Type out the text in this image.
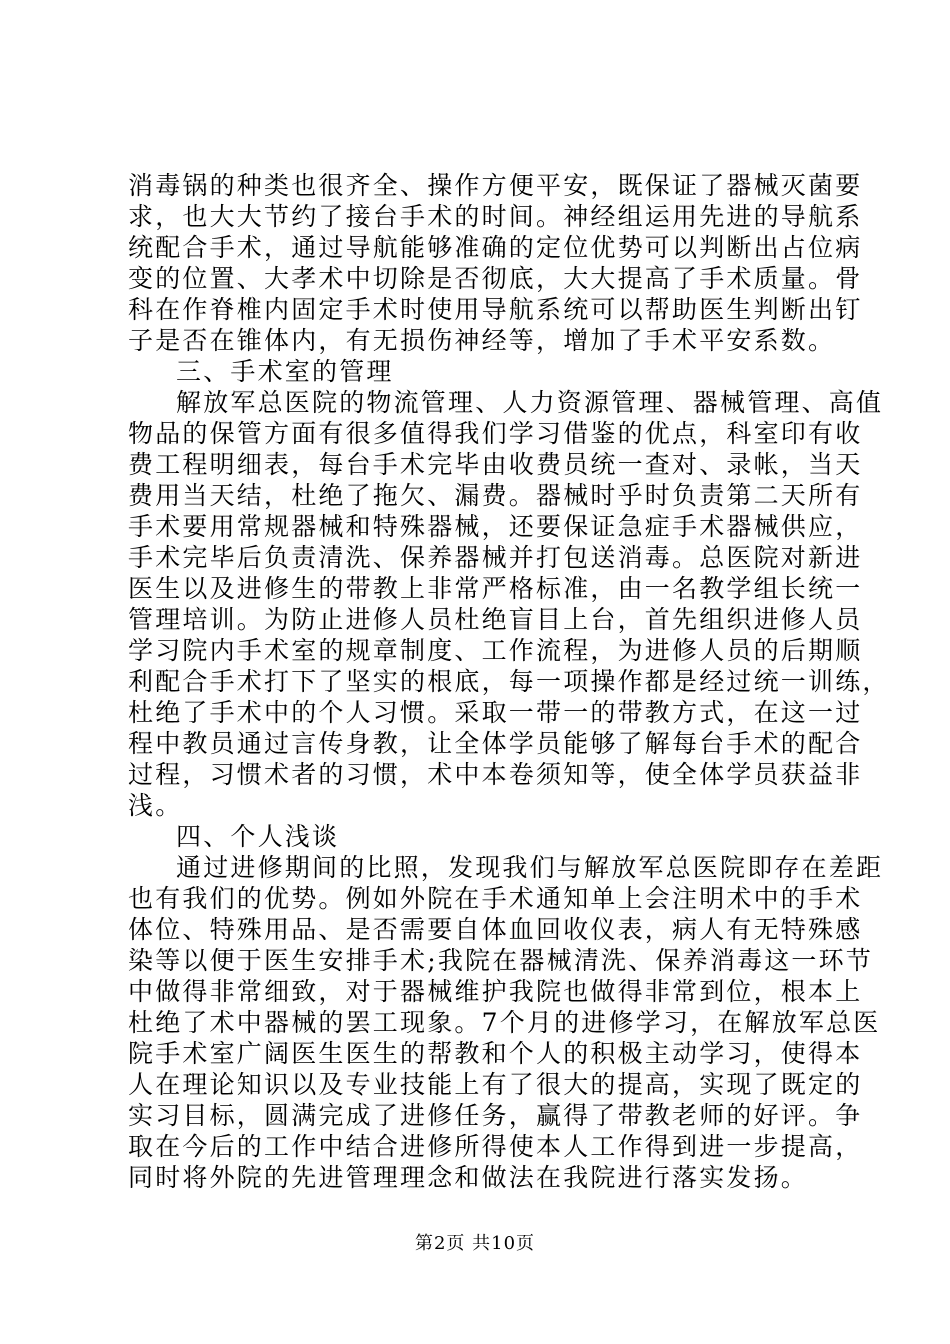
消毒锅的种类也很齐全、操作方便平安，既保证了器械灭菌要
求，也大大节约了接台手术的时间。神经组运用先进的导航系
统配合手术，通过导航能够准确的定位优势可以判断出占位病
变的位置、大孝术中切除是否彻底，大大提高了手术质量。骨
科在作脊椎内固定手术时使用导航系统可以帮助医生判断出钉
子是否在锥体内，有无损伤神经等，增加了手术平安系数。
三、手术室的管理
解放军总医院的物流管理、人力资源管理、器械管理、高值
物品的保管方面有很多值得我们学习借鉴的优点，科室印有收
费工程明细表，每台手术完毕由收费员统一查对、录帐，当天
费用当天结，杜绝了拖欠、漏费。器械时乎时负责第二天所有
手术要用常规器械和特殊器械，还要保证急症手术器械供应，
手术完毕后负责清洗、保养器械并打包送消毒。总医院对新进
医生以及进修生的带教上非常严格标准，由一名教学组长统一
管理培训。为防止进修人员杜绝盲目上台，首先组织进修人员
学习院内手术室的规章制度、工作流程，为进修人员的后期顺
利配合手术打下了坚实的根底，每一项操作都是经过统一训练，
杜绝了手术中的个人习惯。采取一带一的带教方式，在这一过
程中教员通过言传身教，让全体学员能够了解每台手术的配合
过程，习惯术者的习惯，术中本卷须知等，使全体学员获益非
浅。
四、个人浅谈
通过进修期间的比照，发现我们与解放军总医院即存在差距
也有我们的优势。例如外院在手术通知单上会注明术中的手术
体位、特殊用品、是否需要自体血回收仪表，病人有无特殊感
染等以便于医生安排手术;我院在器械清洗、保养消毒这一环节
中做得非常细致，对于器械维护我院也做得非常到位，根本上
杜绝了术中器械的罢工现象。7个月的进修学习，在解放军总医
院手术室广阔医生医生的帮教和个人的积极主动学习，使得本
人在理论知识以及专业技能上有了很大的提高，实现了既定的
实习目标，圆满完成了进修任务，赢得了带教老师的好评。争
取在今后的工作中结合进修所得使本人工作得到进一步提高，
同时将外院的先进管理理念和做法在我院进行落实发扬。
第2页 共10页
